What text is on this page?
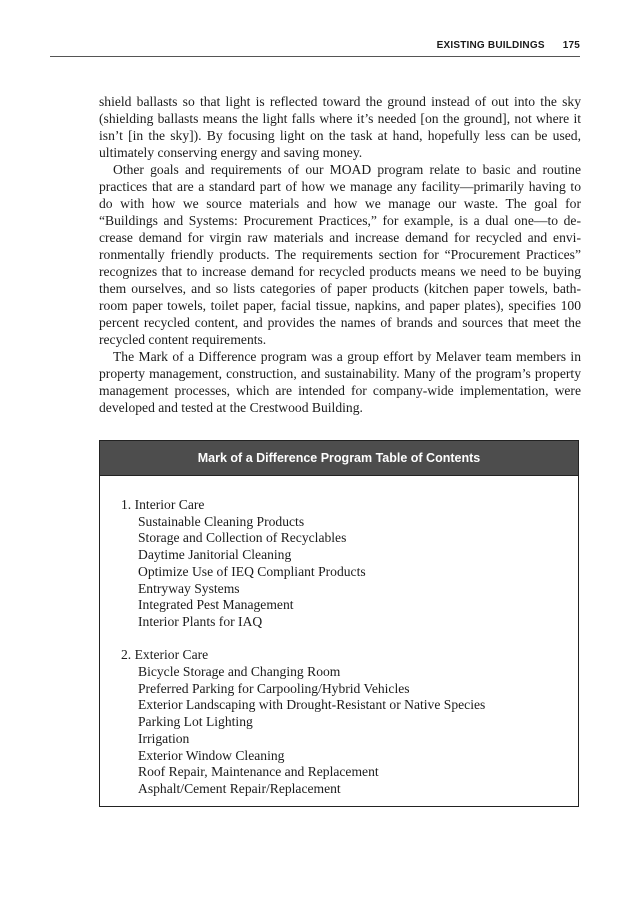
EXISTING BUILDINGS 175

shield ballasts so that light is reflected toward the ground instead of out into the sky (shielding ballasts means the light falls where it’s needed [on the ground], not where it isn’t [in the sky]). By focusing light on the task at hand, hopefully less can be used, ultimately conserving energy and saving money.

Other goals and requirements of our MOAD program relate to basic and routine practices that are a standard part of how we manage any facility—primarily having to do with how we source materials and how we manage our waste. The goal for “Buildings and Systems: Procurement Practices,” for example, is a dual one—to decrease demand for virgin raw materials and increase demand for recycled and environmentally friendly products. The requirements section for “Procurement Practices” recognizes that to increase demand for recycled products means we need to be buying them ourselves, and so lists categories of paper products (kitchen paper towels, bathroom paper towels, toilet paper, facial tissue, napkins, and paper plates), specifies 100 percent recycled content, and provides the names of brands and sources that meet the recycled content requirements.

The Mark of a Difference program was a group effort by Melaver team members in property management, construction, and sustainability. Many of the program’s property management processes, which are intended for company-wide implementation, were developed and tested at the Crestwood Building.

Mark of a Difference Program Table of Contents
1. Interior Care
Sustainable Cleaning Products
Storage and Collection of Recyclables
Daytime Janitorial Cleaning
Optimize Use of IEQ Compliant Products
Entryway Systems
Integrated Pest Management
Interior Plants for IAQ
2. Exterior Care
Bicycle Storage and Changing Room
Preferred Parking for Carpooling/Hybrid Vehicles
Exterior Landscaping with Drought-Resistant or Native Species
Parking Lot Lighting
Irrigation
Exterior Window Cleaning
Roof Repair, Maintenance and Replacement
Asphalt/Cement Repair/Replacement
